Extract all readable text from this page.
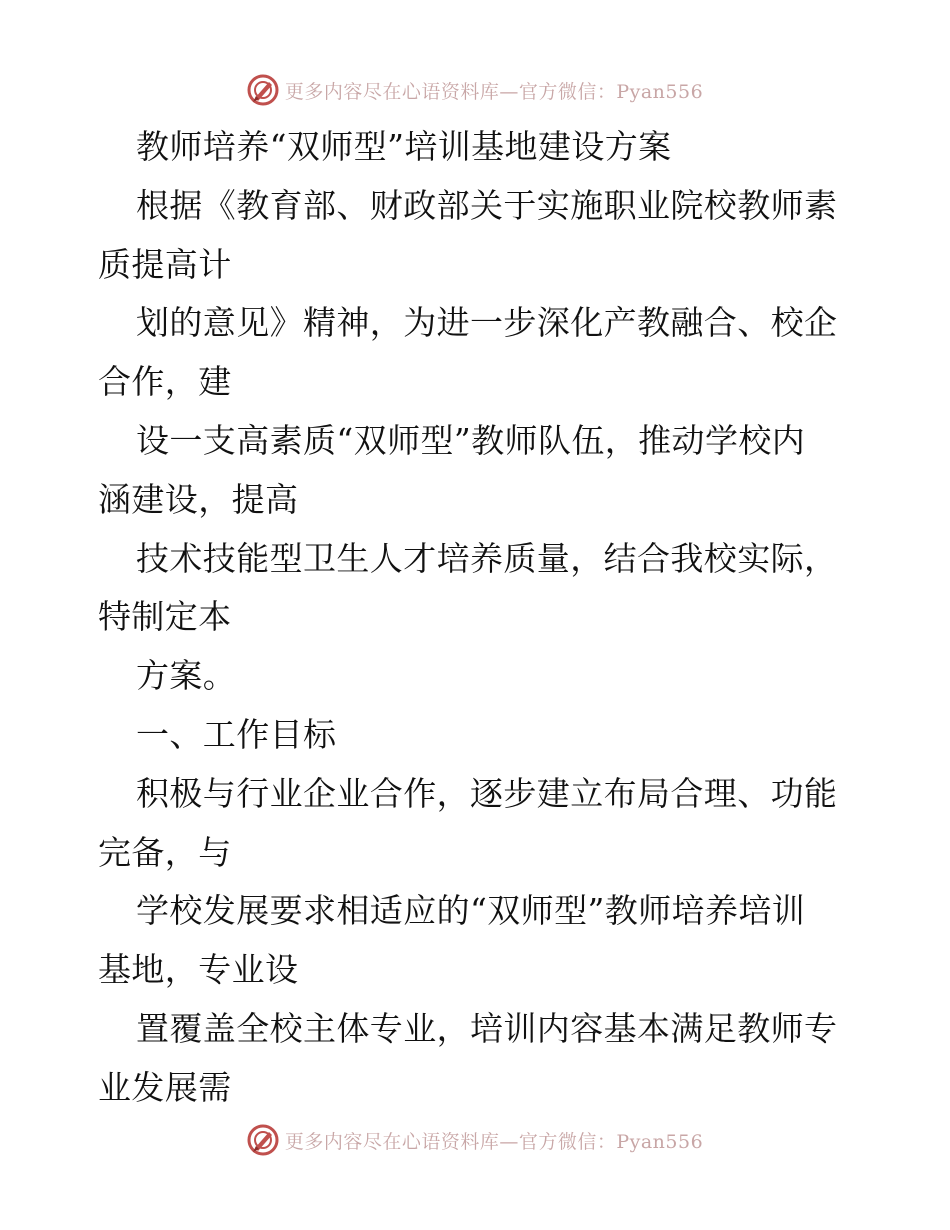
更多内容尽在心语资料库—官方微信：Pyan556
教师培养“双师型”培训基地建设方案
根据《教育部、财政部关于实施职业院校教师素
质提高计
划的意见》精神，为进一步深化产教融合、校企
合作，建
设一支高素质“双师型”教师队伍，推动学校内
涵建设，提高
技术技能型卫生人才培养质量，结合我校实际，
特制定本
方案。
一、工作目标
积极与行业企业合作，逐步建立布局合理、功能
完备，与
学校发展要求相适应的“双师型”教师培养培训
基地，专业设
置覆盖全校主体专业，培训内容基本满足教师专
业发展需
更多内容尽在心语资料库—官方微信：Pyan556
